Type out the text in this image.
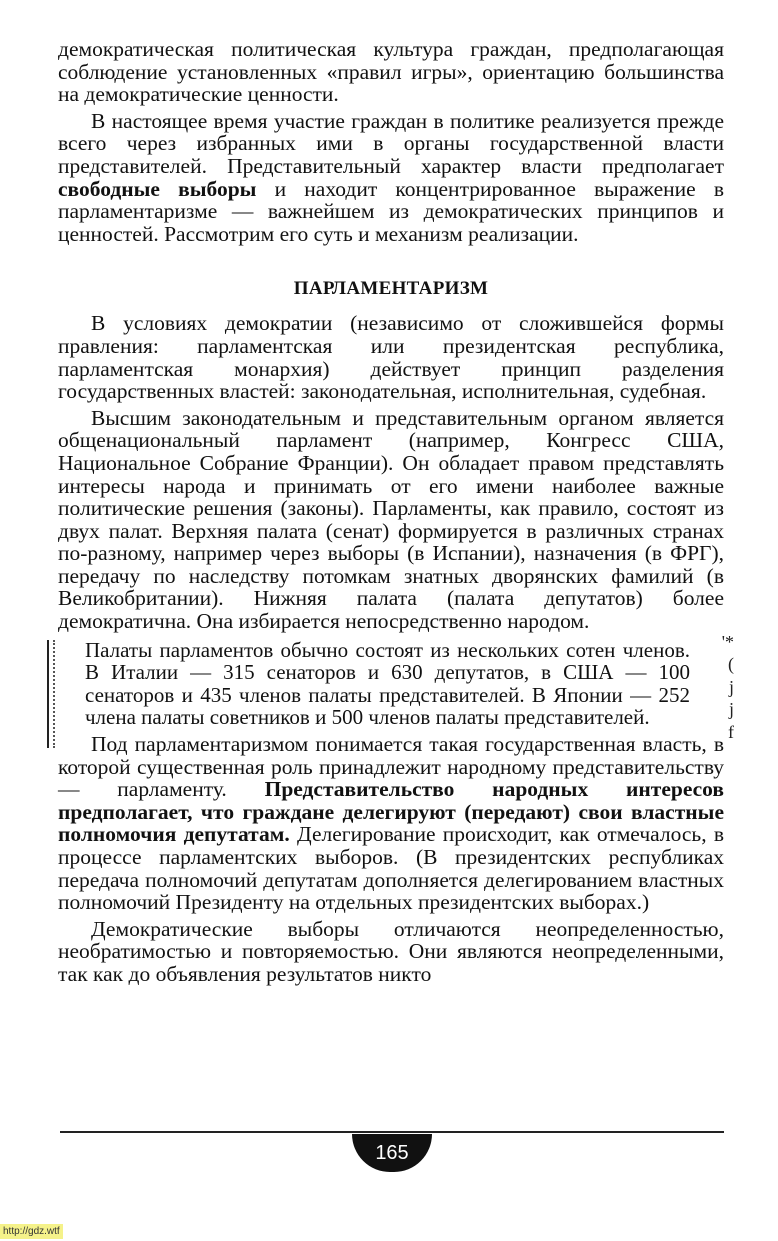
демократическая политическая культура граждан, предполагающая соблюдение установленных «правил игры», ориентацию большинства на демократические ценности.

В настоящее время участие граждан в политике реализуется прежде всего через избранных ими в органы государственной власти представителей. Представительный характер власти предполагает свободные выборы и находит концентрированное выражение в парламентаризме — важнейшем из демократических принципов и ценностей. Рассмотрим его суть и механизм реализации.

ПАРЛАМЕНТАРИЗМ

В условиях демократии (независимо от сложившейся формы правления: парламентская или президентская республика, парламентская монархия) действует принцип разделения государственных властей: законодательная, исполнительная, судебная.

Высшим законодательным и представительным органом является общенациональный парламент (например, Конгресс США, Национальное Собрание Франции). Он обладает правом представлять интересы народа и принимать от его имени наиболее важные политические решения (законы). Парламенты, как правило, состоят из двух палат. Верхняя палата (сенат) формируется в различных странах по-разному, например через выборы (в Испании), назначения (в ФРГ), передачу по наследству потомкам знатных дворянских фамилий (в Великобритании). Нижняя палата (палата депутатов) более демократична. Она избирается непосредственно народом.

Палаты парламентов обычно состоят из нескольких сотен членов. В Италии — 315 сенаторов и 630 депутатов, в США — 100 сенаторов и 435 членов палаты представителей. В Японии — 252 члена палаты советников и 500 членов палаты представителей.

'*
(
j
j
f

Под парламентаризмом понимается такая государственная власть, в которой существенная роль принадлежит народному представительству — парламенту. Представительство народных интересов предполагает, что граждане делегируют (передают) свои властные полномочия депутатам. Делегирование происходит, как отмечалось, в процессе парламентских выборов. (В президентских республиках передача полномочий депутатам дополняется делегированием властных полномочий Президенту на отдельных президентских выборах.)

Демократические выборы отличаются неопределенностью, необратимостью и повторяемостью. Они являются неопределенными, так как до объявления результатов никто

165
http://gdz.wtf
